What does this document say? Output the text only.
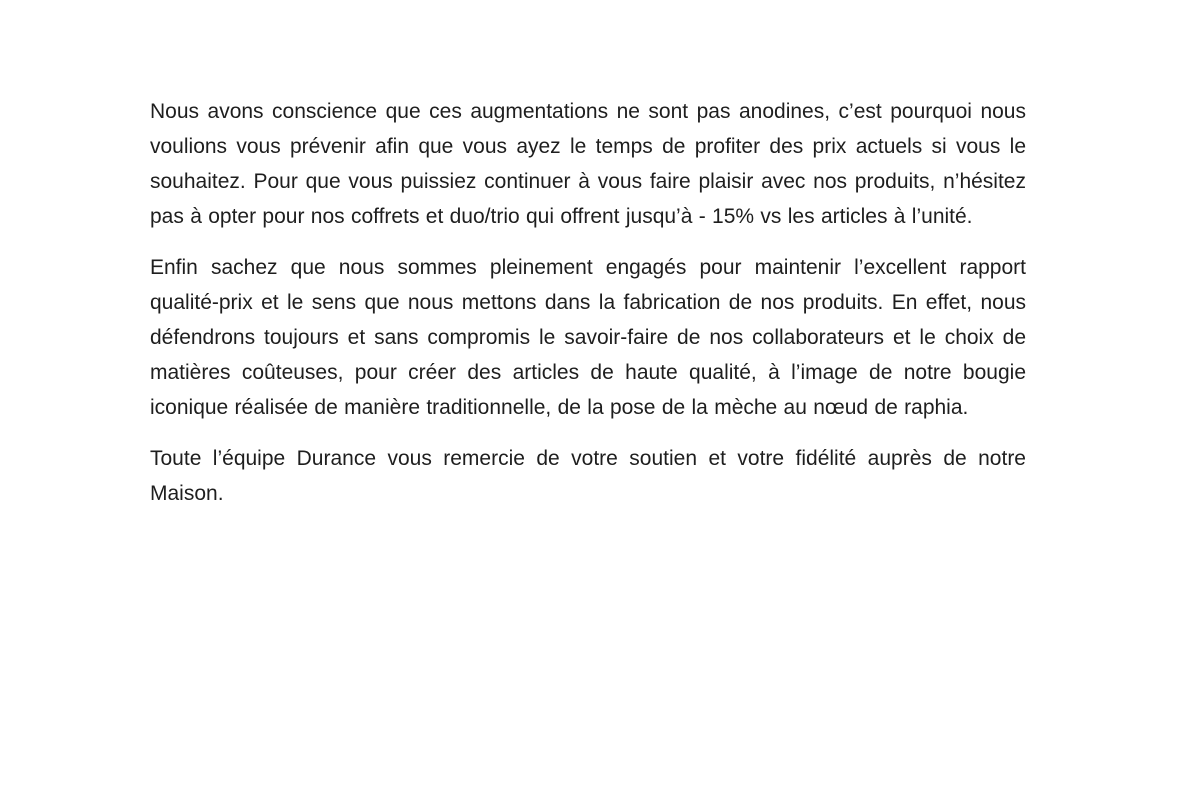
Nous avons conscience que ces augmentations ne sont pas anodines, c’est pourquoi nous voulions vous prévenir afin que vous ayez le temps de profiter des prix actuels si vous le souhaitez. Pour que vous puissiez continuer à vous faire plaisir avec nos produits, n’hésitez pas à opter pour nos coffrets et duo/trio qui offrent jusqu’à - 15% vs les articles à l’unité.

Enfin sachez que nous sommes pleinement engagés pour maintenir l’excellent rapport qualité-prix et le sens que nous mettons dans la fabrication de nos produits. En effet, nous défendrons toujours et sans compromis le savoir-faire de nos collaborateurs et le choix de matières coûteuses, pour créer des articles de haute qualité, à l’image de notre bougie iconique réalisée de manière traditionnelle, de la pose de la mèche au nœud de raphia.

Toute l’équipe Durance vous remercie de votre soutien et votre fidélité auprès de notre Maison.
